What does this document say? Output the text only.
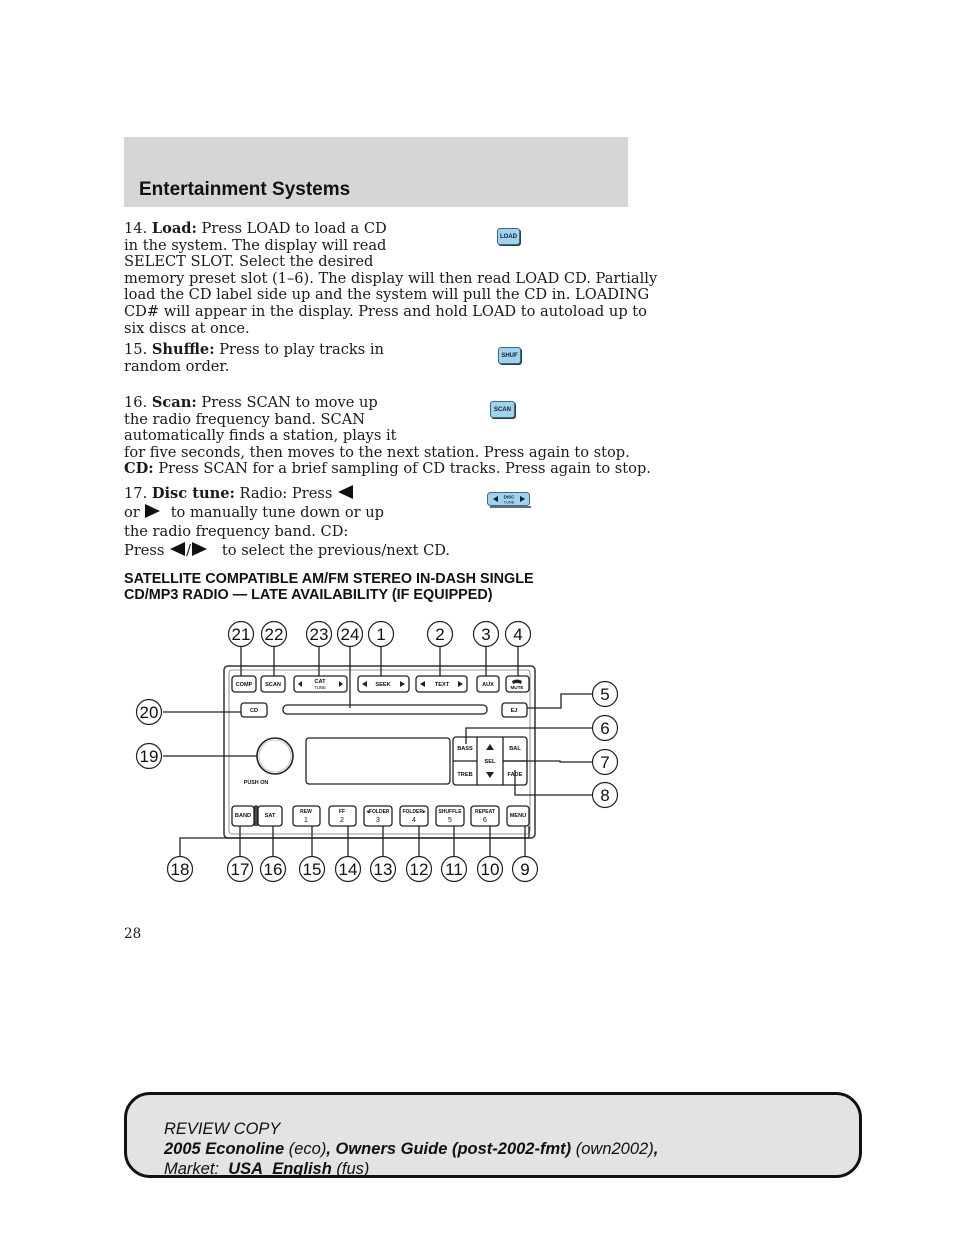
Entertainment Systems
14. Load: Press LOAD to load a CD
in the system. The display will read
SELECT SLOT. Select the desired
memory preset slot (1–6). The display will then read LOAD CD. Partially
load the CD label side up and the system will pull the CD in. LOADING
CD# will appear in the display. Press and hold LOAD to autoload up to
six discs at once.
LOAD
15. Shuffle: Press to play tracks in
random order.
SHUF
16. Scan: Press SCAN to move up
the radio frequency band. SCAN
automatically finds a station, plays it
for five seconds, then moves to the next station. Press again to stop.
CD: Press SCAN for a brief sampling of CD tracks. Press again to stop.
SCAN
17. Disc tune: Radio: Press
or to manually tune down or up
the radio frequency band. CD:
Press / to select the previous/next CD.
DISC
TUNE
SATELLITE COMPATIBLE AM/FM STEREO IN-DASH SINGLE
CD/MP3 RADIO — LATE AVAILABILITY (IF EQUIPPED)
COMP SCAN	CAT
TUNE	SEEK	TEXT	AUX	MUTE
CD	EJ
PUSH ON
BASS
TREB
SEL
BAL
FADE
BAND SAT
REW	FF	◂FOLDER	FOLDER▸	SHUFFLE	REPEAT
MENU
1	2	3	4	5	6
21 22 23 24 1	2 3 4
5
6
7
8
20
19
18 17 16 15 14 13 12 11 10 9
28
REVIEW COPY
2005 Econoline (eco), Owners Guide (post-2002-fmt) (own2002),
Market: USA_English (fus)
